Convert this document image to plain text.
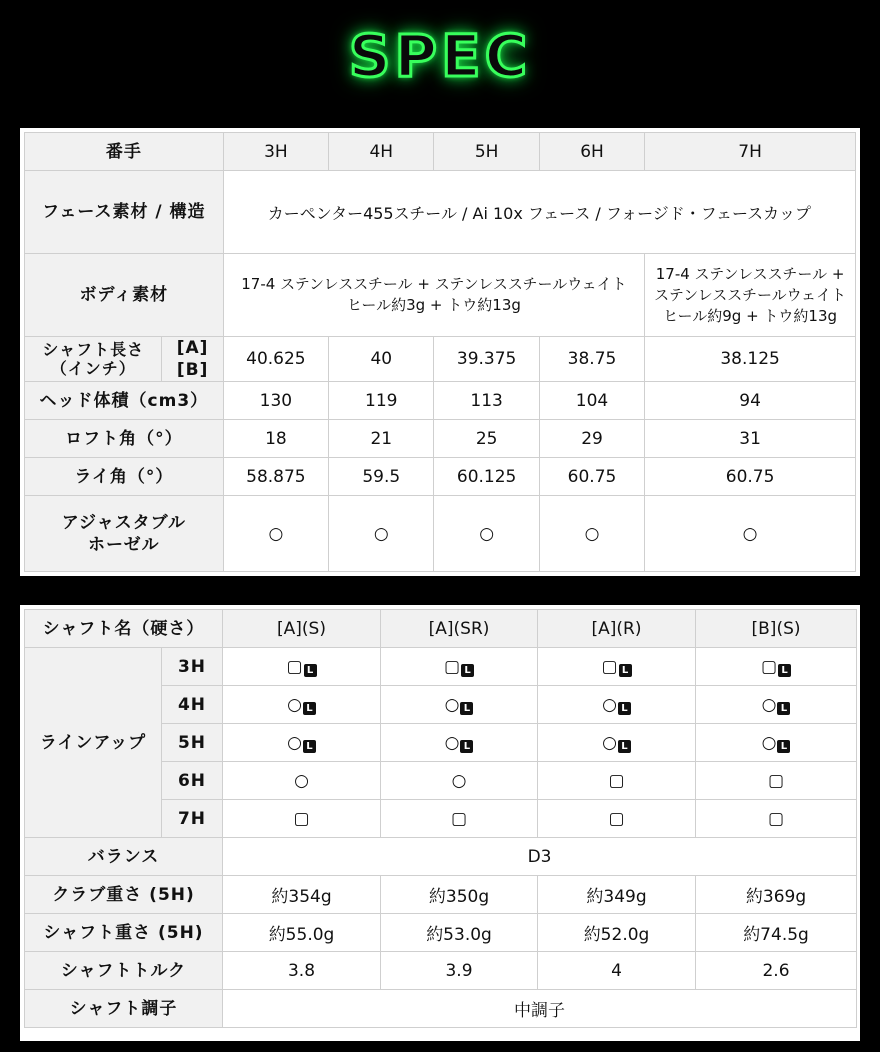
SPEC
番手		3H	4H	5H	6H	7H
フェース素材 / 構造		カーペンター455スチール / Ai 10x フェース / フォージド・フェースカップ				
ボディ素材		17-4 ステンレススチール + ステンレススチールウェイト ヒール約3g + トウ約13g				17-4 ステンレススチール + ステンレススチールウェイト ヒール約9g + トウ約13g
シャフト長さ（インチ）	[A][B]	40.625	40	39.375	38.75	38.125
ヘッド体積（cm3）		130	119	113	104	94
ロフト角（°）		18	21	25	29	31
ライ角（°）		58.875	59.5	60.125	60.75	60.75
アジャスタブルホーゼル		○	○	○	○	○
シャフト名（硬さ）		[A](S)	[A](SR)	[A](R)	[B](S)
ラインアップ	3H	▢ L	▢ L	▢ L	▢ L
	4H	○ L	○ L	○ L	○ L
	5H	○ L	○ L	○ L	○ L
	6H	○	○	▢	▢
	7H	▢	▢	▢	▢
バランス		D3			
クラブ重さ (5H)		約354g	約350g	約349g	約369g
シャフト重さ (5H)		約55.0g	約53.0g	約52.0g	約74.5g
シャフトトルク		3.8	3.9	4	2.6
シャフト調子		中調子			
